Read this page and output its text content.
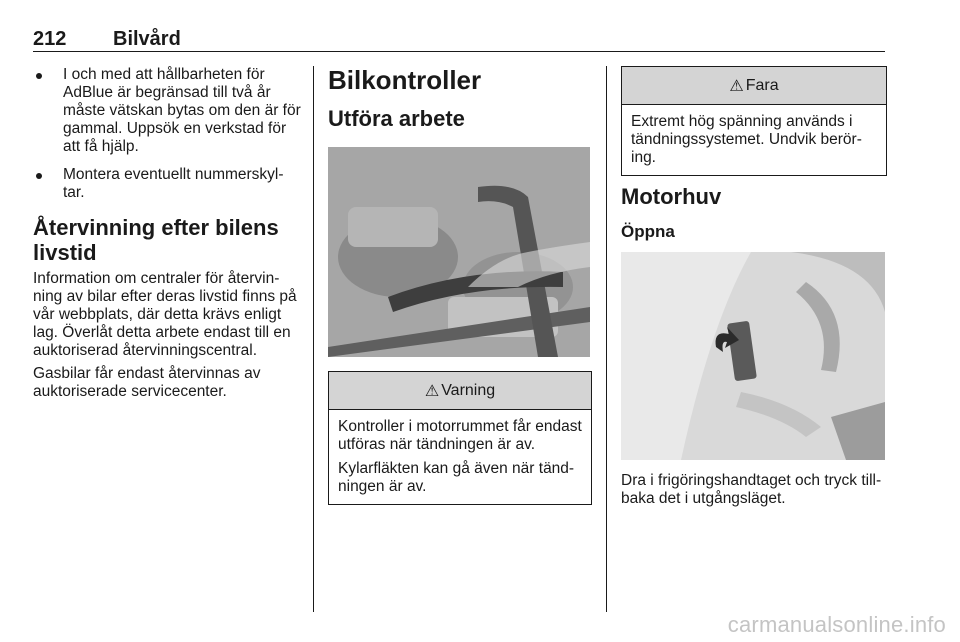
212 Bilvård
I och med att hållbarheten för AdBlue är begränsad till två år måste vätskan bytas om den är för gammal. Uppsök en verkstad för att få hjälp.
Montera eventuellt nummerskyl-tar.
Återvinning efter bilens livstid

Information om centraler för återvin-ning av bilar efter deras livstid finns på vår webbplats, där detta krävs enligt lag. Överlåt detta arbete endast till en auktoriserad återvinningscentral.

Gasbilar får endast återvinnas av auktoriserade servicecenter.

Bilkontroller
Utföra arbete
⚠ Varning

Kontroller i motorrummet får endast utföras när tändningen är av.

Kylarfläkten kan gå även när tänd-ningen är av.

⚠ Fara

Extremt hög spänning används i tändningssystemet. Undvik berör-ing.

Motorhuv
Öppna

Dra i frigöringshandtaget och tryck till-baka det i utgångsläget.

carmanualsonline.info
